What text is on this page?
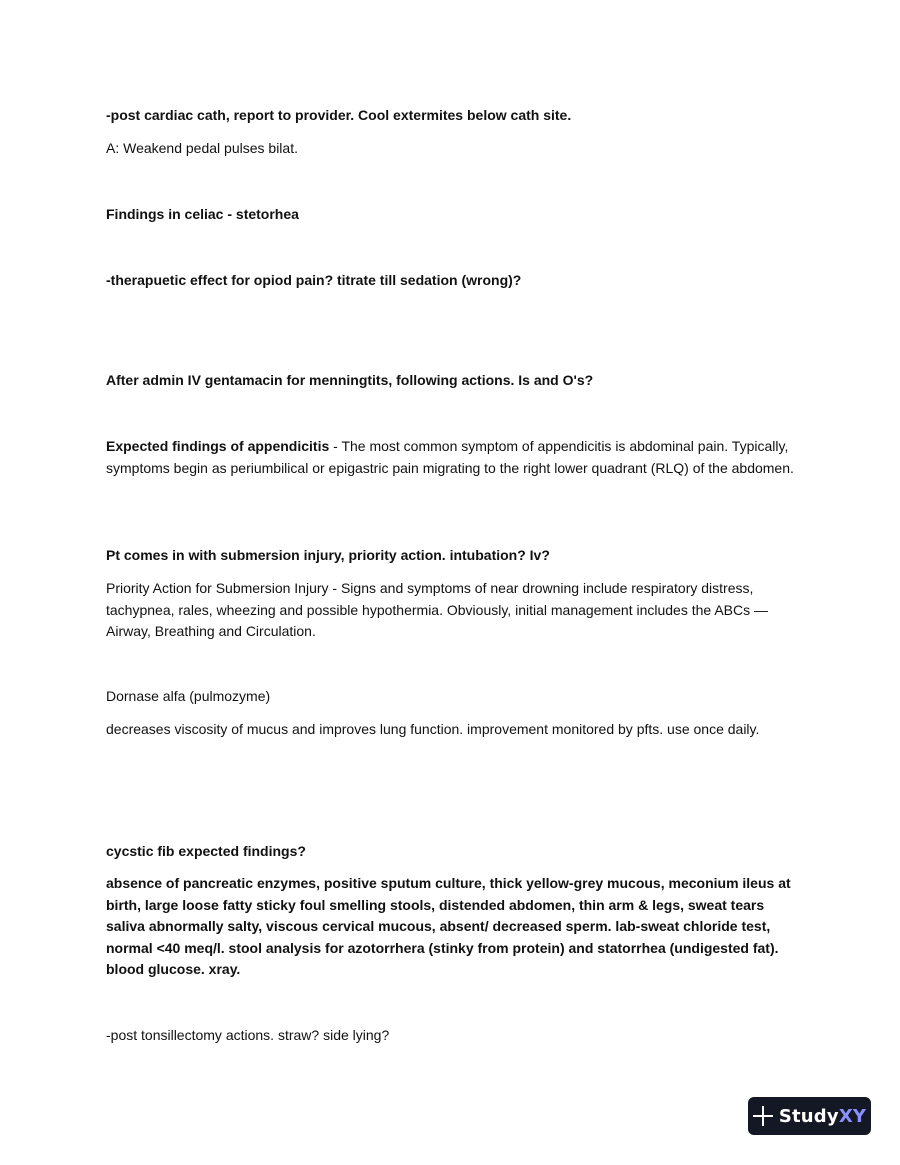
-post cardiac cath, report to provider. Cool extermites below cath site.
A: Weakend pedal pulses bilat.
Findings in celiac - stetorhea
-therapuetic effect for opiod pain? titrate till sedation (wrong)?
After admin IV gentamacin for menningtits, following actions. Is and O's?
Expected findings of appendicitis - The most common symptom of appendicitis is abdominal pain. Typically, symptoms begin as periumbilical or epigastric pain migrating to the right lower quadrant (RLQ) of the abdomen.
Pt comes in with submersion injury, priority action. intubation? Iv?
Priority Action for Submersion Injury - Signs and symptoms of near drowning include respiratory distress, tachypnea, rales, wheezing and possible hypothermia. Obviously, initial management includes the ABCs — Airway, Breathing and Circulation.
Dornase alfa (pulmozyme)
decreases viscosity of mucus and improves lung function. improvement monitored by pfts. use once daily.
cycstic fib expected findings?
absence of pancreatic enzymes, positive sputum culture, thick yellow-grey mucous, meconium ileus at birth, large loose fatty sticky foul smelling stools, distended abdomen, thin arm & legs, sweat tears saliva abnormally salty, viscous cervical mucous, absent/ decreased sperm. lab-sweat chloride test, normal <40 meq/l. stool analysis for azotorrhera (stinky from protein) and statorrhea (undigested fat). blood glucose. xray.
-post tonsillectomy actions. straw? side lying?
StudyXY
